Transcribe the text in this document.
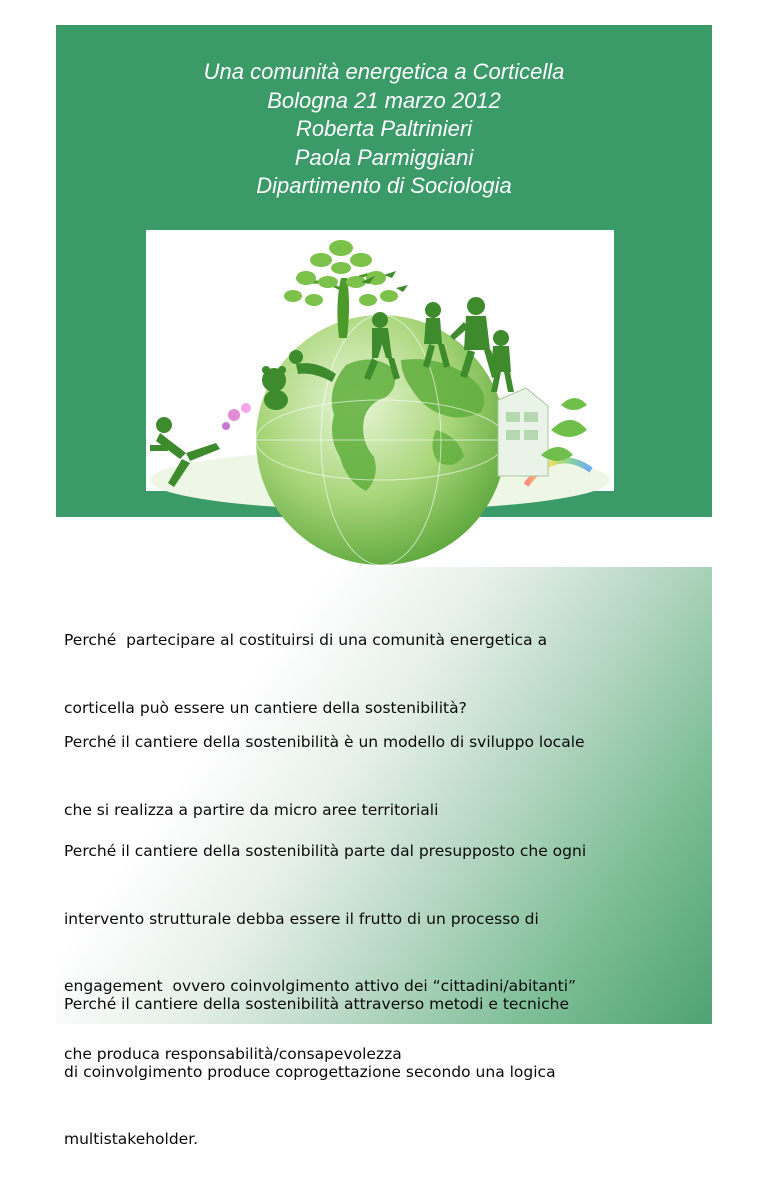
Una comunità energetica a Corticella
Bologna 21 marzo 2012
Roberta Paltrinieri
Paola Parmiggiani
Dipartimento di Sociologia

Perché  partecipare al costituirsi di una comunità energetica a

corticella può essere un cantiere della sostenibilità?

Perché il cantiere della sostenibilità è un modello di sviluppo locale

che si realizza a partire da micro aree territoriali

Perché il cantiere della sostenibilità parte dal presupposto che ogni

intervento strutturale debba essere il frutto di un processo di

engagement  ovvero coinvolgimento attivo dei “cittadini/abitanti”

che produca responsabilità/consapevolezza

Perché il cantiere della sostenibilità attraverso metodi e tecniche

di coinvolgimento produce coprogettazione secondo una logica

multistakeholder.
